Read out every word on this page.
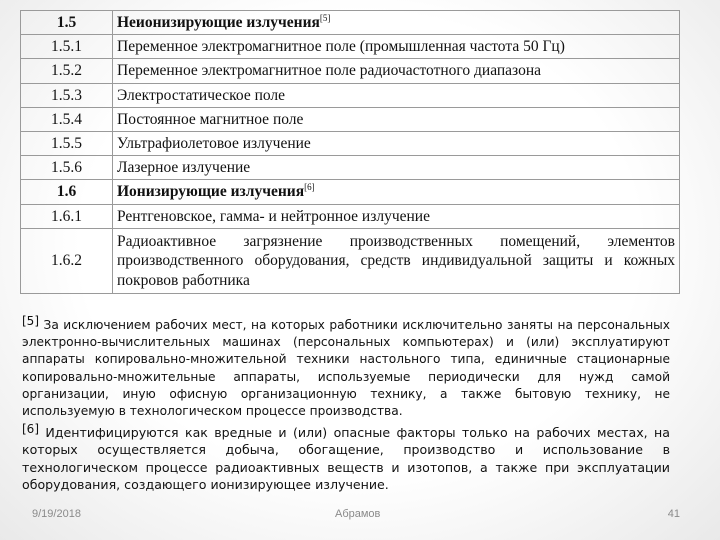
1.5	Неионизирующие излучения[5]
1.5.1	Переменное электромагнитное поле (промышленная частота 50 Гц)
1.5.2	Переменное электромагнитное поле радиочастотного диапазона
1.5.3	Электростатическое поле
1.5.4	Постоянное магнитное поле
1.5.5	Ультрафиолетовое излучение
1.5.6	Лазерное излучение
1.6	Ионизирующие излучения[6]
1.6.1	Рентгеновское, гамма- и нейтронное излучение
1.6.2	Радиоактивное загрязнение производственных помещений, элементов производственного оборудования, средств индивидуальной защиты и кожных покровов работника

[5] За исключением рабочих мест, на которых работники исключительно заняты на персональных электронно-вычислительных машинах (персональных компьютерах) и (или) эксплуатируют аппараты копировально-множительной техники настольного типа, единичные стационарные копировально-множительные аппараты, используемые периодически для нужд самой организации, иную офисную организационную технику, а также бытовую технику, не используемую в технологическом процессе производства.

[6] Идентифицируются как вредные и (или) опасные факторы только на рабочих местах, на которых осуществляется добыча, обогащение, производство и использование в технологическом процессе радиоактивных веществ и изотопов, а также при эксплуатации оборудования, создающего ионизирующее излучение.

9/19/2018	Абрамов	41
